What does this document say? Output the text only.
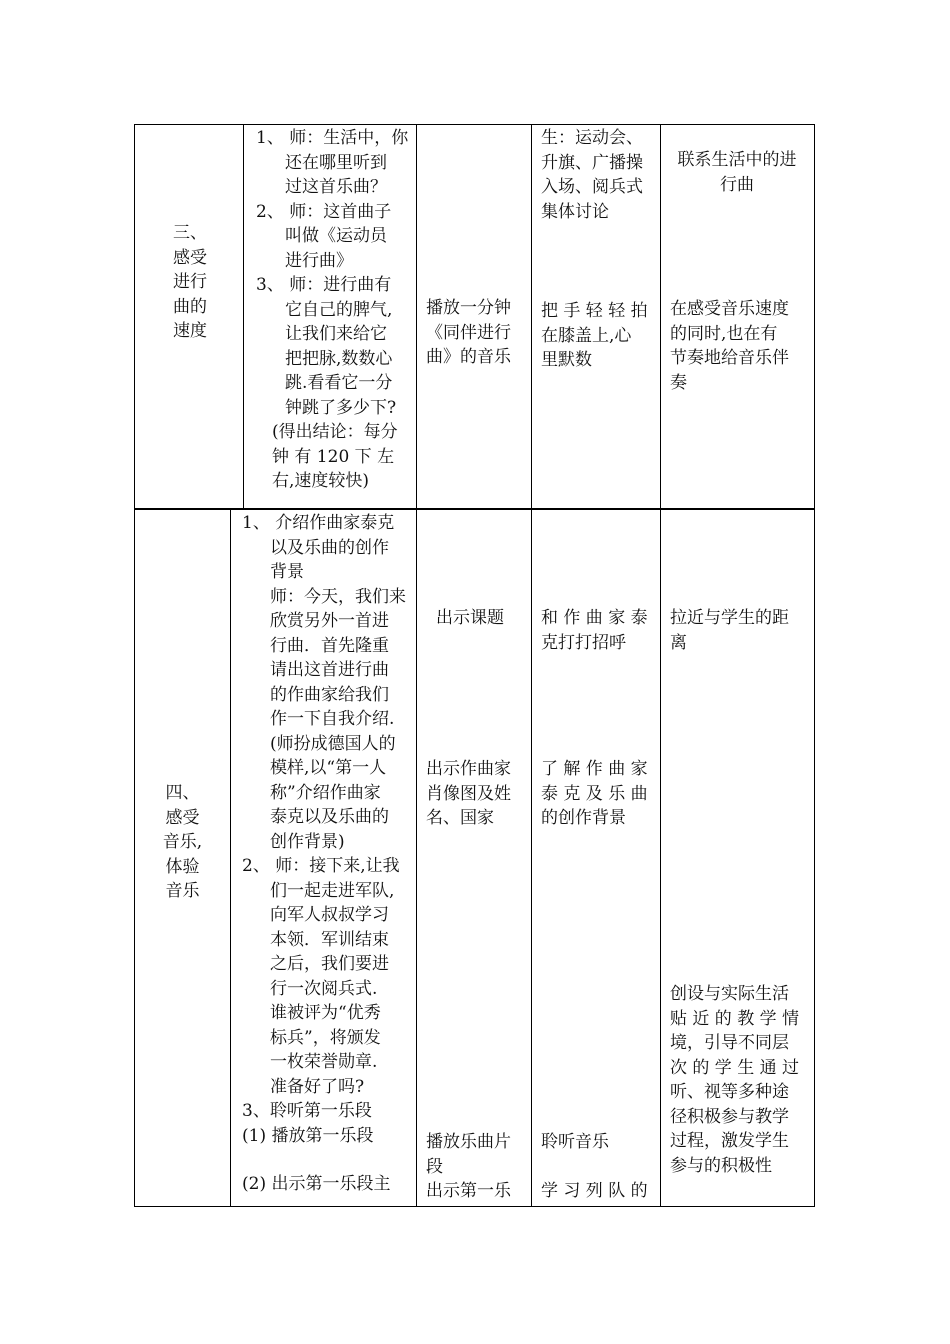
三、
感受
进行
曲的
速度
1、 师：生活中，你
还在哪里听到
过这首乐曲？
2、 师：这首曲子
叫做《运动员
进行曲》
3、 师：进行曲有
它自己的脾气,
让我们来给它
把把脉,数数心
跳.看看它一分
钟跳了多少下?
(得出结论：每分
钟 有 120 下 左
右,速度较快)
播放一分钟
《同伴进行
曲》的音乐
生：运动会、
升旗、广播操
入场、阅兵式
集体讨论
把 手 轻 轻 拍
在膝盖上,心
里默数
联系生活中的进
行曲
在感受音乐速度
的同时,也在有
节奏地给音乐伴
奏
四、
感受
音乐,
体验
音乐
1、 介绍作曲家泰克
以及乐曲的创作
背景
师：今天，我们来
欣赏另外一首进
行曲．首先隆重
请出这首进行曲
的作曲家给我们
作一下自我介绍.
(师扮成德国人的
模样,以“第一人
称”介绍作曲家
泰克以及乐曲的
创作背景)
2、 师：接下来,让我
们一起走进军队,
向军人叔叔学习
本领．军训结束
之后，我们要进
行一次阅兵式.
谁被评为“优秀
标兵”，将颁发
一枚荣誉勋章.
准备好了吗?
3、聆听第一乐段
(1) 播放第一乐段
(2) 出示第一乐段主
出示课题
出示作曲家
肖像图及姓
名、国家
播放乐曲片
段
出示第一乐
和 作 曲 家 泰
克打打招呼
了 解 作 曲 家
泰 克 及 乐 曲
的创作背景
聆听音乐
学 习 列 队 的
拉近与学生的距
离
创设与实际生活
贴 近 的 教 学 情
境，引导不同层
次 的 学 生 通 过
听、视等多种途
径积极参与教学
过程，激发学生
参与的积极性
